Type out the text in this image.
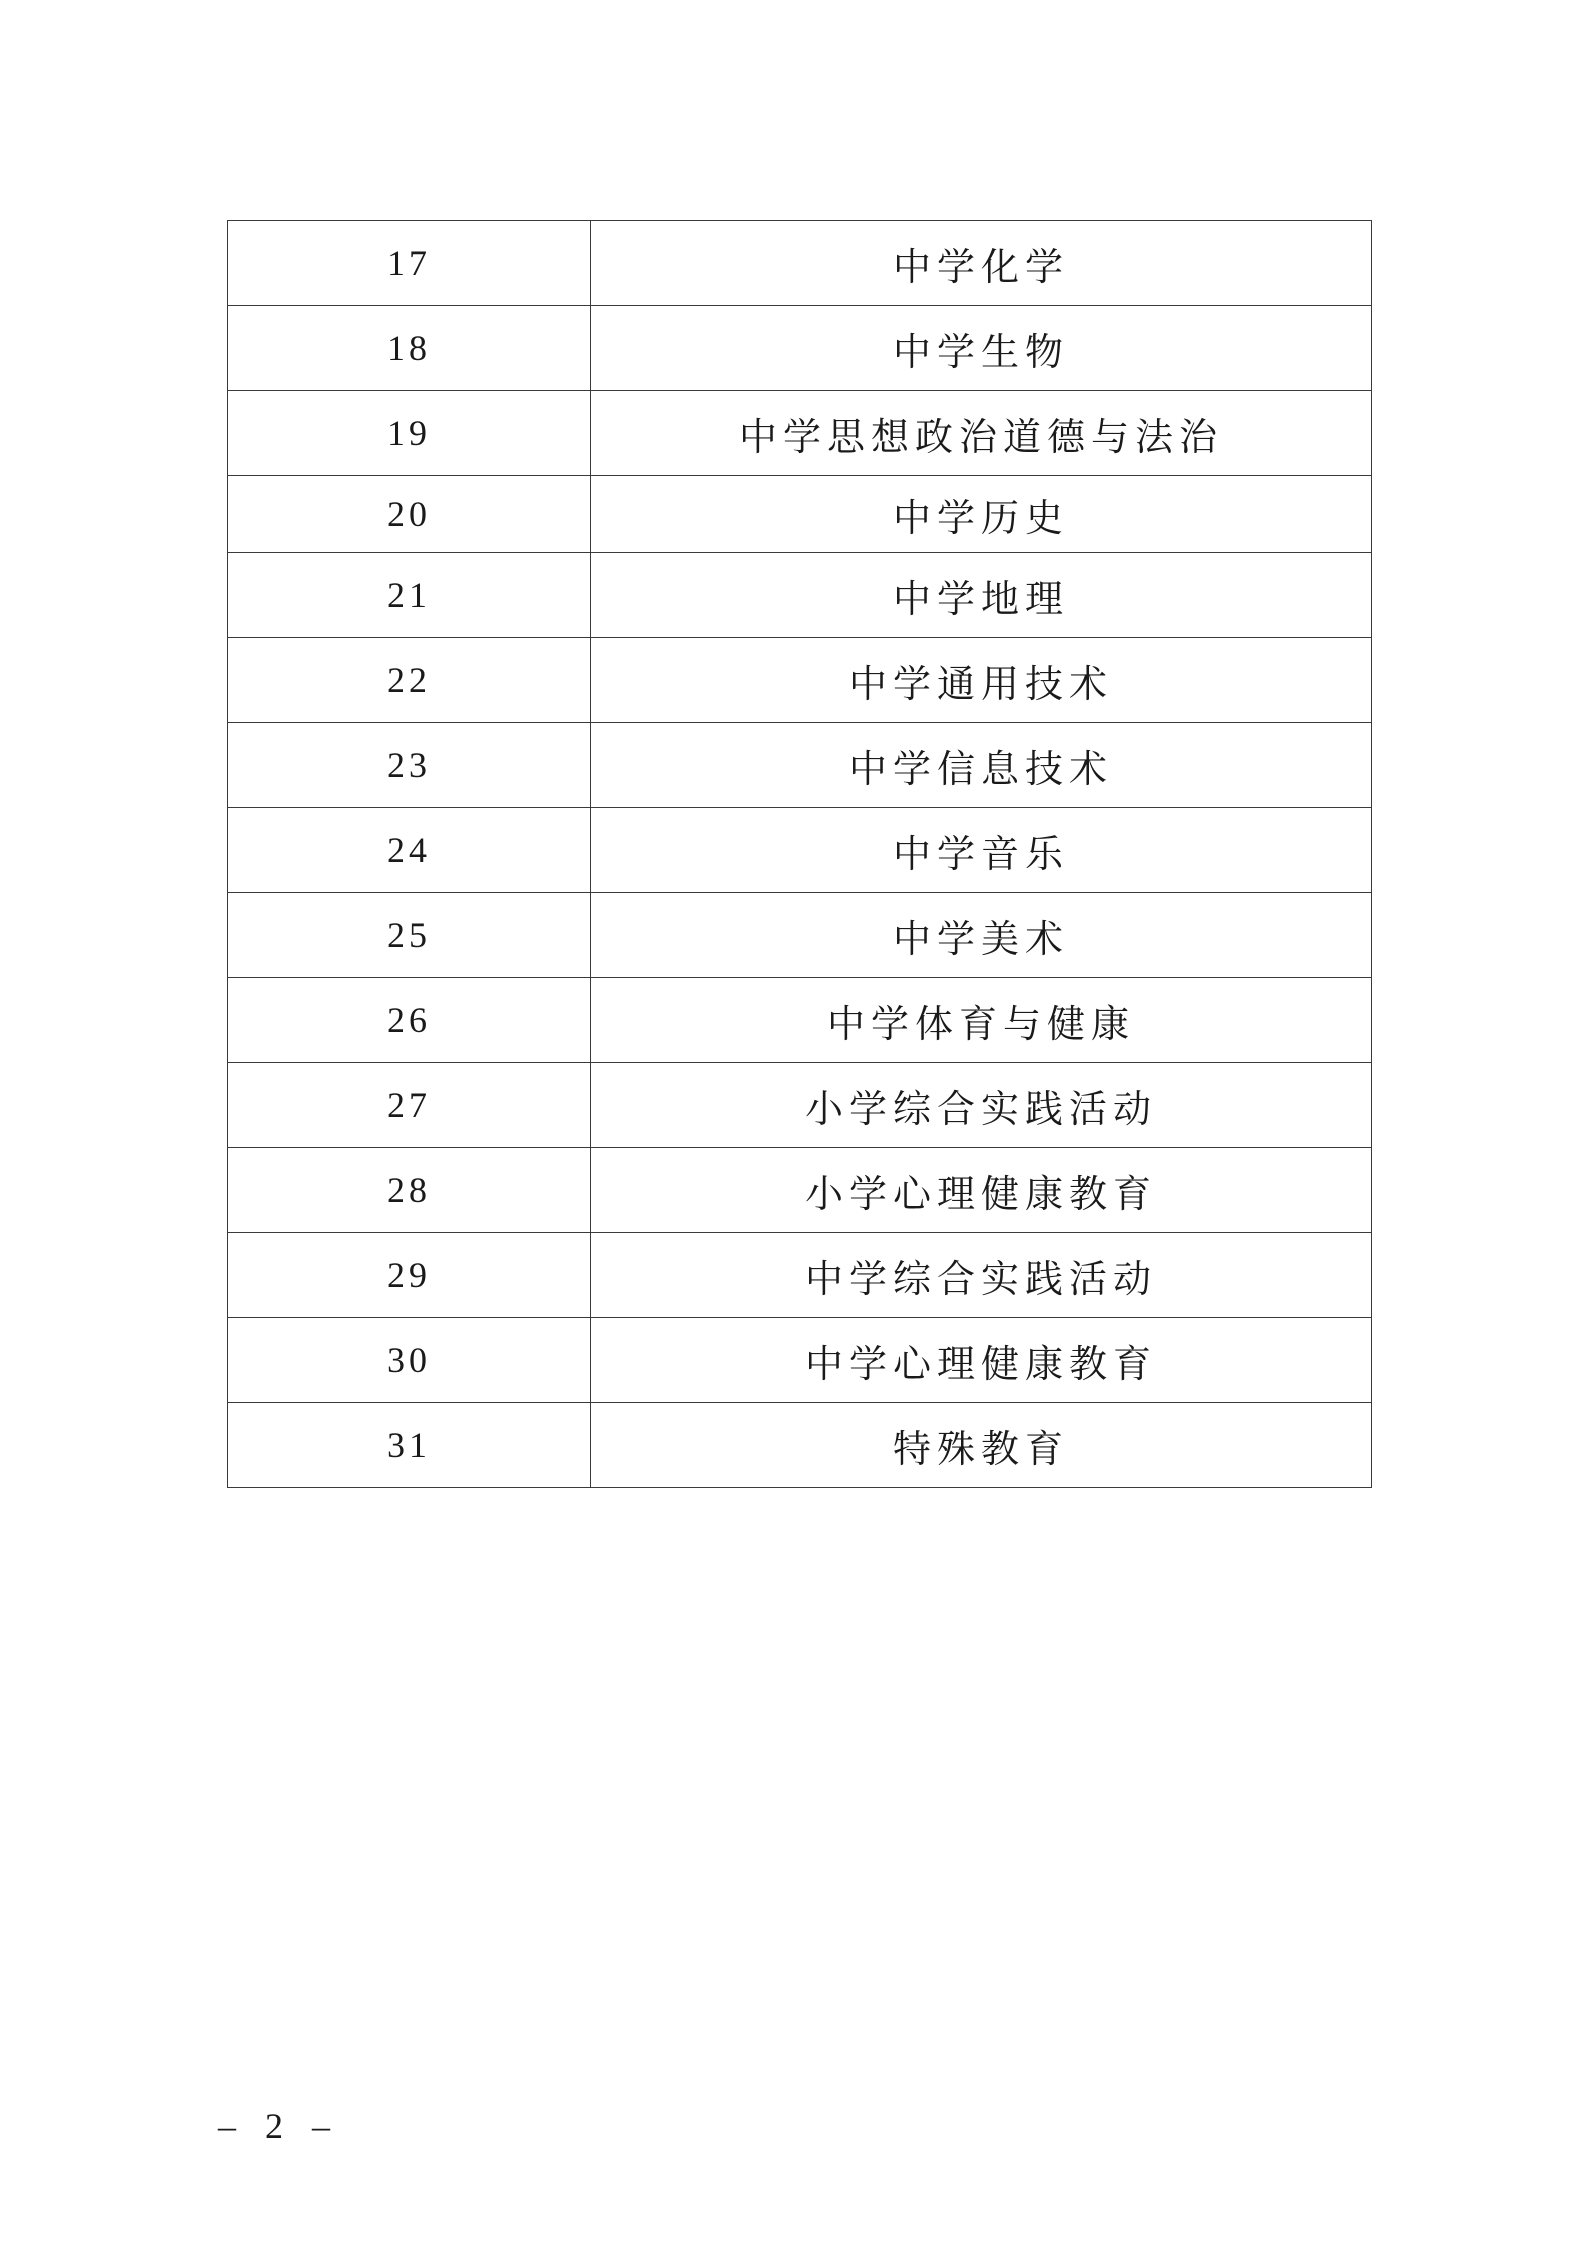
17	中学化学
18	中学生物
19	中学思想政治道德与法治
20	中学历史
21	中学地理
22	中学通用技术
23	中学信息技术
24	中学音乐
25	中学美术
26	中学体育与健康
27	小学综合实践活动
28	小学心理健康教育
29	中学综合实践活动
30	中学心理健康教育
31	特殊教育
– 2 –
